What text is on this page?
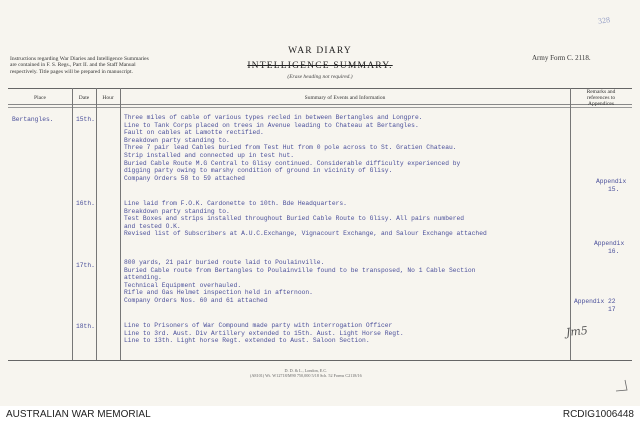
328
Instructions regarding War Diaries and Intelligence Summaries are contained in F. S. Regs., Part II. and the Staff Manual respectively. Title pages will be prepared in manuscript.
WAR DIARY
INTELLIGENCE SUMMARY.
(Erase heading not required.)
Army Form C. 2118.
Place	Date	Hour	Summary of Events and Information
Remarks and
references to
Appendices
Bertangles.	15th.	Three miles of cable of various types recled in between Bertangles and Longpre.
Line to Tank Corps placed on trees in Avenue leading to Chateau at Bertangles.
Fault on cables at Lamotte rectified.
Breakdown party standing to.
Three 7 pair lead Cables buried from Test Hut from 0 pole across to St. Gratien Chateau.
Strip installed and connected up in test hut.
Buried Cable Route M.G Central to Glisy continued. Considerable difficulty experienced by
digging party owing to marshy condition of ground in vicinity of Glisy.
Company Orders 58 to 59 attached	Appendix
15.
16th.	Line laid from F.O.K. Cardonette to 10th. Bde Headquarters.
Breakdown party standing to.
Test Boxes and strips installed throughout Buried Cable Route to Glisy. All pairs numbered
and tested O.K.
Revised list of Subscribers at A.U.C.Exchange, Vignacourt Exchange, and Salour Exchange attached
Appendix
16.
17th.	800 yards, 21 pair buried route laid to Poulainville.
Buried Cable route from Bertangles to Poulainville found to be transposed, No 1 Cable Section
attending.
Technical Equipment overhauled.
Rifle and Gas Helmet inspection held in afternoon.
Company Orders Nos. 60 and 61 attached	Appendix 22
17
18th.	Line to Prisoners of War Compound made party with interrogation Officer
Line to 3rd. Aust. Div Artillery extended to 15th. Aust. Light Horse Regt.
Line to 13th. Light horse Regt. extended to Aust. Saloon Section.
Jm5
D. D. & L., London, E.C.
(A8101) Wt. W12718/M90 750,000 5/18 Sch. 52 Forms C2118/16
AUSTRALIAN WAR MEMORIAL	RCDIG1006448
